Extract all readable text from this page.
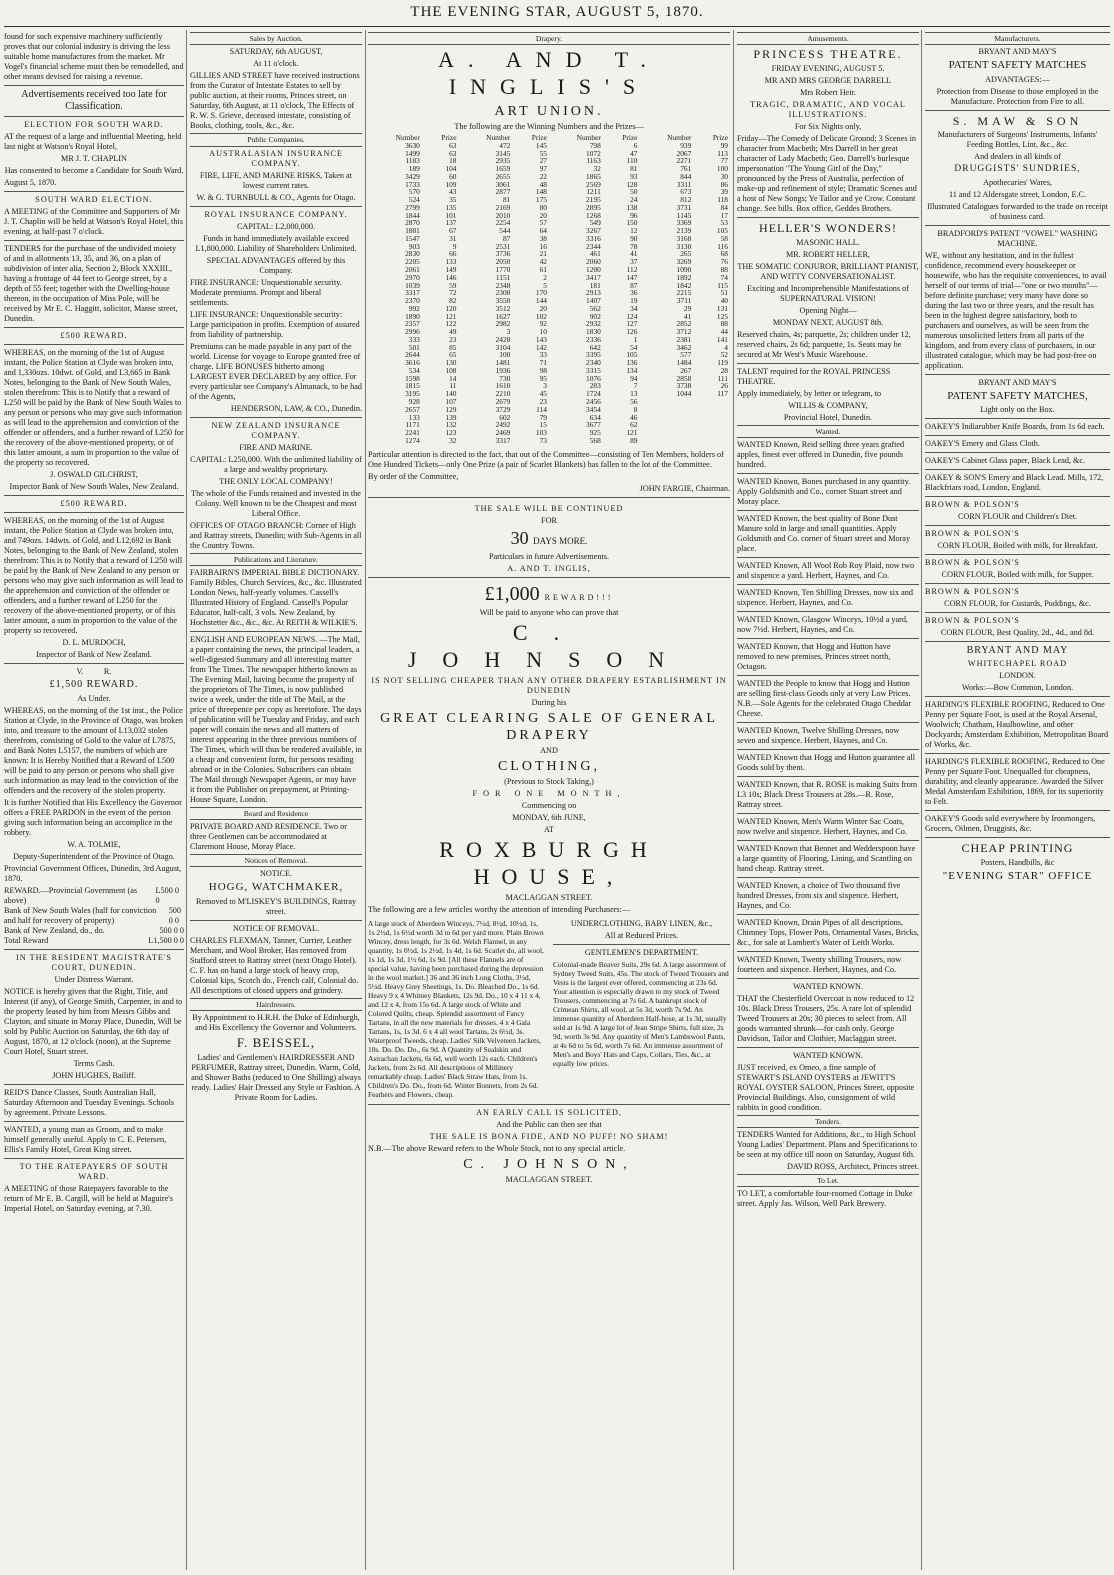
THE EVENING STAR, AUGUST 5, 1870.

found for such expensive machinery sufficiently proves that our colonial industry is driving the less suitable home manufactures from the market. Mr Vogel's financial scheme must then be remodelled, and other means devised for raising a revenue.

Advertisements received too late for Classification.

ELECTION FOR SOUTH WARD.

AT the request of a large and influential Meeting, held last night at Watson's Royal Hotel,

MR J. T. CHAPLIN

Has consented to become a Candidate for South Ward.

August 5, 1870.

SOUTH WARD ELECTION.

A MEETING of the Committee and Supporters of Mr J. T. Chaplin will be held at Watson's Royal Hotel, this evening, at half-past 7 o'clock.

TENDERS for the purchase of the undivided moiety of and in allotments 13, 35, and 36, on a plan of subdivision of inter alia, Section 2, Block XXXIII., having a frontage of 44 feet to George street, by a depth of 55 feet; together with the Dwelling-house thereon, in the occupation of Miss Pole, will be received by Mr E. C. Haggitt, solicitor, Manse street, Dunedin.

£500 REWARD.

WHEREAS, on the morning of the 1st of August instant, the Police Station at Clyde was broken into, and 1,330ozs. 10dwt. of Gold, and L3,665 in Bank Notes, belonging to the Bank of New South Wales, stolen therefrom: This is to Notify that a reward of L250 will be paid by the Bank of New South Wales to any person or persons who may give such information as will lead to the apprehension and conviction of the offender or offenders, and a further reward of L250 for the recovery of the above-mentioned property, or of this latter amount, a sum in proportion to the value of the property so recovered.

J. OSWALD GILCHRIST,

Inspector Bank of New South Wales, New Zealand.

£500 REWARD.

WHEREAS, on the morning of the 1st of August instant, the Police Station at Clyde was broken into, and 749ozs. 14dwts. of Gold, and L12,692 in Bank Notes, belonging to the Bank of New Zealand, stolen therefrom: This is to Notify that a reward of L250 will be paid by the Bank of New Zealand to any person or persons who may give such information as will lead to the apprehension and conviction of the offender or offenders, and a further reward of L250 for the recovery of the above-mentioned property, or of this latter amount, a sum in proportion to the value of the property so recovered.

D. L. MURDOCH,

Inspector of Bank of New Zealand.

V.          R.

£1,500 REWARD.

As Under.

WHEREAS, on the morning of the 1st inst., the Police Station at Clyde, in the Province of Otago, was broken into, and treasure to the amount of L13,032 stolen therefrom, consisting of Gold to the value of L7875, and Bank Notes L5157, the numbers of which are known: It is Hereby Notified that a Reward of L500 will be paid to any person or persons who shall give such information as may lead to the conviction of the offenders and the recovery of the stolen property.

It is further Notified that His Excellency the Governor offers a FREE PARDON in the event of the person giving such information being an accomplice in the robbery.

W. A. TOLMIE,

Deputy-Superintendent of the Province of Otago.

Provincial Government Offices, Dunedin, 3rd August, 1870.

REWARD.—Provincial Government (as above)
L500 0 0
Bank of New South Wales (half for conviction and half for recovery of property)
500 0 0
Bank of New Zealand, do., do.	500 0 0
Total Reward	L1,500 0 0

IN THE RESIDENT MAGISTRATE'S COURT, DUNEDIN.

Under Distress Warrant.

NOTICE is hereby given that the Right, Title, and Interest (if any), of George Smith, Carpenter, in and to the property leased by him from Messrs Gibbs and Clayton, and situate in Moray Place, Dunedin, Will be sold by Public Auction on Saturday, the 6th day of August, 1870, at 12 o'clock (noon), at the Supreme Court Hotel, Stuart street.

Terms Cash.

JOHN HUGHES, Bailiff.

REID'S Dance Classes, South Australian Hall, Saturday Afternoon and Tuesday Evenings. Schools by agreement. Private Lessons.

WANTED, a young man as Groom, and to make himself generally useful. Apply to C. E. Petersen, Ellis's Family Hotel, Great King street.

TO THE RATEPAYERS OF SOUTH WARD.

A MEETING of those Ratepayers favorable to the return of Mr E. B. Cargill, will be held at Maguire's Imperial Hotel, on Saturday evening, at 7.30.

Sales by Auction.

SATURDAY, 6th AUGUST,

At 11 o'clock.

GILLIES AND STREET have received instructions from the Curator of Intestate Estates to sell by public auction, at their rooms, Princes street, on Saturday, 6th August, at 11 o'clock, The Effects of R. W. S. Grieve, deceased intestate, consisting of Books, clothing, tools, &c., &c.

Public Companies.

AUSTRALASIAN INSURANCE COMPANY.

FIRE, LIFE, AND MARINE RISKS, Taken at lowest current rates.

W. & G. TURNBULL & CO., Agents for Otago.

ROYAL INSURANCE COMPANY.

CAPITAL: L2,000,000.

Funds in hand immediately available exceed L1,800,000. Liability of Shareholders Unlimited.

SPECIAL ADVANTAGES offered by this Company.

FIRE INSURANCE: Unquestionable security. Moderate premiums. Prompt and liberal settlements.

LIFE INSURANCE: Unquestionable security: Large participation in profits. Exemption of assured from liability of partnership.

Premiums can be made payable in any part of the world. License for voyage to Europe granted free of charge. LIFE BONUSES hitherto among LARGEST EVER DECLARED by any office. For every particular see Company's Almanack, to be had of the Agents,

HENDERSON, LAW, & CO., Dunedin.

NEW ZEALAND INSURANCE COMPANY.

FIRE AND MARINE.

CAPITAL: L250,000. With the unlimited liability of a large and wealthy proprietary.

THE ONLY LOCAL COMPANY!

The whole of the Funds retained and invested in the Colony. Well known to be the Cheapest and most Liberal Office.

OFFICES OF OTAGO BRANCH: Corner of High and Rattray streets, Dunedin; with Sub-Agents in all the Country Towns.

Publications and Literature.

FAIRBAIRN'S IMPERIAL BIBLE DICTIONARY. Family Bibles, Church Services, &c., &c. Illustrated London News, half-yearly volumes. Cassell's Illustrated History of England. Cassell's Popular Educator, half-calf, 3 vols. New Zealand, by Hochstetter &c., &c., &c. At REITH & WILKIE'S.

ENGLISH AND EUROPEAN NEWS. —The Mail, a paper containing the news, the principal leaders, a well-digested Summary and all interesting matter from The Times. The newspaper hitherto known as The Evening Mail, having become the property of the proprietors of The Times, is now published twice a week, under the title of The Mail, at the price of threepence per copy as heretofore. The days of publication will be Tuesday and Friday, and each paper will contain the news and all matters of interest appearing in the three previous numbers of The Times, which will thus be rendered available, in a cheap and convenient form, for persons residing abroad or in the Colonies. Subscribers can obtain The Mail through Newspaper Agents, or may have it from the Publisher on prepayment, at Printing-House Square, London.

Board and Residence

PRIVATE BOARD AND RESIDENCE. Two or three Gentlemen can be accommodated at Claremont House, Moray Place.

Notices of Removal.

NOTICE.

HOGG, WATCHMAKER,

Removed to M'LISKEY'S BUILDINGS, Rattray street.

NOTICE OF REMOVAL.

CHARLES FLEXMAN, Tanner, Currier, Leather Merchant, and Wool Broker, Has removed from Stafford street to Rattray street (next Otago Hotel). C. F. has on hand a large stock of heavy crop, Colonial kips, Scotch do., French calf, Colonial do. All descriptions of closed uppers and grindery.

Hairdressers.

By Appointment to H.R.H. the Duke of Edinburgh, and His Excellency the Governor and Volunteers.

F. BEISSEL,

Ladies' and Gentlemen's HAIRDRESSER AND PERFUMER, Rattray street, Dunedin. Warm, Cold, and Shower Baths (reduced to One Shilling) always ready. Ladies' Hair Dressed any Style or Fashion. A Private Room for Ladies.

Drapery.

A. AND T. INGLIS'S

ART UNION.

The following are the Winning Numbers and the Prizes—

Number	Prize	Number	Prize	Number	Prize	Number	Prize
3630	63	472	145	798	6	939	99
1499	63	3145	55	1072	47	2067	113
1183	18	2935	27	1163	110	2271	77
189	104	1659	97	32	81	761	100
3429	60	2655	22	1865	93	844	30
1733	109	3061	48	2569	128	3311	86
570	43	2877	148	1211	50	673	39
524	35	81	175	2195	24	812	118
2799	135	2169	80	2895	138	3731	84
1844	101	2010	20	1268	96	1145	17
2870	137	2254	57	549	150	3369	53
1881	67	544	64	3267	12	2139	105
1547	31	87	38	3316	90	3168	58
903	9	2531	16	2344	78	3130	116
2830	66	3736	21	461	41	265	68
2205	133	2050	42	2060	37	3269	76
2061	149	1770	61	1200	112	1090	88
2970	146	1151	2	3417	147	1892	74
1039	59	2348	5	181	87	1842	115
3317	72	2300	170	2913	36	2215	51
2370	82	3550	144	1407	19	3711	40
992	120	3512	20	562	34	29	131
1890	121	1627	102	902	124	41	125
2357	122	2982	92	2932	127	2852	88
2996	49	3	10	1830	126	3712	44
333	23	2428	143	2336	1	2381	141
501	85	3104	142	642	54	3462	4
2644	65	100	33	3395	105	577	52
3616	130	1481	71	2340	136	1484	119
534	108	1936	98	3315	134	267	28
1598	14	730	95	1076	94	2858	111
1815	11	1610	3	283	7	3738	26
3195	140	2210	45	1724	13	1044	117
928	107	2679	23	2456	56		
2657	129	3729	114	3454	8		
133	139	602	79	634	46		
1171	132	2492	15	3677	62		
2241	123	2469	103	925	121		
1274	32	3317	73	568	89		

Particular attention is directed to the fact, that out of the Committee—consisting of Ten Members, holders of One Hundred Tickets—only One Prize (a pair of Scarlet Blankets) has fallen to the lot of the Committee.

By order of the Committee,

JOHN FARGIE, Chairman.

THE SALE WILL BE CONTINUED

FOR

30 DAYS MORE.

Particulars in future Advertisements.

A. AND T. INGLIS,

£1,000 REWARD!!!

Will be paid to anyone who can prove that

C. JOHNSON

IS NOT SELLING CHEAPER THAN ANY OTHER DRAPERY ESTABLISHMENT IN DUNEDIN

During his

GREAT CLEARING SALE OF GENERAL DRAPERY

AND

CLOTHING,

(Previous to Stock Taking,)

FOR ONE MONTH,

Commencing on

MONDAY, 6th JUNE,

AT

ROXBURGH HOUSE,

MACLAGGAN STREET.

The following are a few articles worthy the attention of intending Purchasers:—

A large stock of Aberdeen Winceys, 7½d, 8½d, 10½d, 1s, 1s 2½d, 1s 6½d worth 3d to 6d per yard more. Plain Brown Wincey, dress length, for 3s 6d. Welsh Flannel, in any quantity, 1s 0½d, 1s 2½d, 1s 4d, 1s 6d. Scarlet do, all wool, 1s 1d, 1s 3d, 1½ 6d, 1s 9d. [All these Flannels are of special value, having been purchased during the depression in the wool market.] 36 and 36 inch Long Cloths, 3½d, 5½d. Heavy Grey Sheetings, 1s. Do. Bleached Do., 1s 6d. Heavy 9 x 4 Whitney Blankets, 12s 9d. Do., 10 x 4 11 x 4, and 12 x 4, from 15s 6d. A large stock of White and Colored Quilts, cheap. Splendid assortment of Fancy Tartans, in all the new materials for dresses. 4 x 4 Gala Tartans, 1s, 1s 3d. 6 x 4 all wool Tartans, 2s 6½d, 3s. Waterproof Tweeds, cheap. Ladies' Silk Velveteen Jackets, 10s. Do. Do. Do., 6s 9d. A Quantity of Sealskin and Astrachan Jackets, 6s 6d, well worth 12s each. Children's Jackets, from 2s 6d. All descriptions of Millinery remarkably cheap. Ladies' Black Straw Hats, from 1s. Children's Do. Do., from 6d. Winter Bonnets, from 2s 6d. Feathers and Flowers, cheap.

UNDERCLOTHING, BABY LINEN, &c.,

All at Reduced Prices.

GENTLEMEN'S DEPARTMENT.

Colonial-made Beaver Suits, 29s 6d. A large assortment of Sydney Tweed Suits, 45s. The stock of Tweed Trousers and Vests is the largest ever offered, commencing at 23s 6d. Your attention is especially drawn to my stock of Tweed Trousers, commencing at 7s 6d. A bankrupt stock of Crimean Shirts, all wool, at 5s 3d, worth 7s 9d. An immense quantity of Aberdeen Half-hose, at 1s 3d, usually sold at 1s 9d. A large lot of Jean Stripe Shirts, full size, 2s 9d, worth 3s 9d. Any quantity of Men's Lambswool Pants, at 4s 6d to 5s 6d, worth 7s 6d. An immense assortment of Men's and Boys' Hats and Caps, Collars, Ties, &c., at equally low prices.

AN EARLY CALL IS SOLICITED,

And the Public can then see that

THE SALE IS BONA FIDE, AND NO PUFF! NO SHAM!

N.B.—The above Reward refers to the Whole Stock, not to any special article.

C. JOHNSON,

MACLAGGAN STREET.

Amusements.

PRINCESS THEATRE.

FRIDAY EVENING, AUGUST 5.

MR AND MRS GEORGE DARRELL

Mrs Robert Heir.

TRAGIC, DRAMATIC, AND VOCAL ILLUSTRATIONS.

For Six Nights only,

Friday—The Comedy of Delicate Ground; 3 Scenes in character from Macbeth; Mrs Darrell in her great character of Lady Macbeth; Geo. Darrell's burlesque impersonation "The Young Girl of the Day," pronounced by the Press of Australia, perfection of make-up and refinement of style; Dramatic Scenes and a host of New Songs; Ye Tailor and ye Crow. Constant change. See bills. Box office, Geddes Brothers.

HELLER'S WONDERS!

MASONIC HALL.

MR. ROBERT HELLER,

THE SOMATIC CONJUROR, BRILLIANT PIANIST, AND WITTY CONVERSATIONALIST.

Exciting and Incomprehensible Manifestations of SUPERNATURAL VISION!

Opening Night—

MONDAY NEXT, AUGUST 8th.

Reserved chairs, 4s; parquette, 2s; children under 12, reserved chairs, 2s 6d; parquette, 1s. Seats may be secured at Mr West's Music Warehouse.

TALENT required for the ROYAL PRINCESS THEATRE.

Apply immediately, by letter or telegram, to

WILLIS & COMPANY,

Provincial Hotel, Dunedin.

Wanted.

WANTED Known, Reid selling three years grafted apples, finest ever offered in Dunedin, five pounds hundred.

WANTED Known, Bones purchased in any quantity. Apply Goldsmith and Co., corner Stuart street and Moray place.

WANTED Known, the best quality of Bone Dust Manure sold in large and small quantities. Apply Goldsmith and Co. corner of Stuart street and Moray place.

WANTED Known, All Wool Rob Roy Plaid, now two and sixpence a yard. Herbert, Haynes, and Co.

WANTED Known, Ten Shilling Dresses, now six and sixpence. Herbert, Haynes, and Co.

WANTED Known, Glasgow Winceys, 10½d a yard, now 7½d. Herbert, Haynes, and Co.

WANTED Known, that Hogg and Hutton have removed to new premises, Princes street north, Octagon.

WANTED the People to know that Hogg and Hutton are selling first-class Goods only at very Low Prices. N.B.—Sole Agents for the celebrated Otago Cheddar Cheese.

WANTED Known, Twelve Shilling Dresses, now seven and sixpence. Herbert, Haynes, and Co.

WANTED Known that Hogg and Hutton guarantee all Goods sold by them.

WANTED Known, that R. ROSE is making Suits from L3 10s; Black Dress Trousers at 28s.—R. Rose, Rattray street.

WANTED Known, Men's Warm Winter Sac Coats, now twelve and sixpence. Herbert, Haynes, and Co.

WANTED Known that Bennet and Wedderspoon have a large quantity of Flooring, Lining, and Scantling on hand cheap. Rattray street.

WANTED Known, a choice of Two thousand five hundred Dresses, from six and sixpence. Herbert, Haynes, and Co.

WANTED Known, Drain Pipes of all descriptions, Chimney Tops, Flower Pots, Ornamental Vases, Bricks, &c., for sale at Lambert's Water of Leith Works.

WANTED Known, Twenty shilling Trousers, now fourteen and sixpence. Herbert, Haynes, and Co.

WANTED KNOWN.

THAT the Chesterfield Overcoat is now reduced to 12 10s. Black Dress Trousers, 25s. A rare lot of splendid Tweed Trousers at 20s; 30 pieces to select from. All goods warranted shrunk—for cash only. George Davidson, Tailor and Clothier, Maclaggan street.

WANTED KNOWN.

JUST received, ex Omeo, a fine sample of STEWART'S ISLAND OYSTERS at JEWITT'S ROYAL OYSTER SALOON, Princes Street, opposite Provincial Buildings. Also, consignment of wild rabbits in good condition.

Tenders.

TENDERS Wanted for Additions, &c., to High School Young Ladies' Department. Plans and Specifications to be seen at my office till noon on Saturday, August 6th.

DAVID ROSS, Architect, Princes street.

To Let.

TO LET, a comfortable four-roomed Cottage in Duke street. Apply Jas. Wilson, Well Park Brewery.

Manufacturers.

BRYANT AND MAY'S

PATENT SAFETY MATCHES

ADVANTAGES:—

Protection from Disease to those employed in the Manufacture. Protection from Fire to all.

S. MAW & SON

Manufacturers of Surgeons' Instruments, Infants' Feeding Bottles, Lint, &c., &c.

And dealers in all kinds of

DRUGGISTS' SUNDRIES,

Apothecaries' Wares,

11 and 12 Aldersgate street, London, E.C.

Illustrated Catalogues forwarded to the trade on receipt of business card.

BRADFORD'S PATENT "VOWEL" WASHING MACHINE.

WE, without any hesitation, and in the fullest confidence, recommend every housekeeper or housewife, who has the requisite conveniences, to avail herself of our terms of trial—"one or two months"—before definite purchase; very many have done so during the last two or three years, and the result has been in the highest degree satisfactory, both to purchasers and ourselves, as will be seen from the numerous unsolicited letters from all parts of the kingdom, and from every class of purchasers, in our illustrated catalogue, which may be had post-free on application.

BRYANT AND MAY'S

PATENT SAFETY MATCHES,

Light only on the Box.

OAKEY'S Indiarubber Knife Boards, from 1s 6d each.

OAKEY'S Emery and Glass Cloth.

OAKEY'S Cabinet Glass paper, Black Lead, &c.

OAKEY & SON'S Emery and Black Lead. Mills, 172, Blackfriars road, London, England.

BROWN & POLSON'S

CORN FLOUR and Children's Diet.

BROWN & POLSON'S

CORN FLOUR, Boiled with milk, for Breakfast.

BROWN & POLSON'S

CORN FLOUR, Boiled with milk, for Supper.

BROWN & POLSON'S

CORN FLOUR, for Custards, Puddings, &c.

BROWN & POLSON'S

CORN FLOUR, Best Quality, 2d., 4d., and 8d.

BRYANT AND MAY

WHITECHAPEL ROAD

LONDON.

Works:—Bow Common, London.

HARDING'S FLEXIBLE ROOFING, Reduced to One Penny per Square Foot, is used at the Royal Arsenal, Woolwich; Chatham, Haulbowline, and other Dockyards; Amsterdam Exhibition, Metropolitan Board of Works, &c.

HARDING'S FLEXIBLE ROOFING, Reduced to One Penny per Square Foot. Unequalled for cheapness, durability, and cleanly appearance. Awarded the Silver Medal Amsterdam Exhibition, 1869, for its superiority to Felt.

OAKEY'S Goods sold everywhere by Ironmongers, Grocers, Oilmen, Druggists, &c.

CHEAP PRINTING

Posters, Handbills, &c

"EVENING STAR" OFFICE
